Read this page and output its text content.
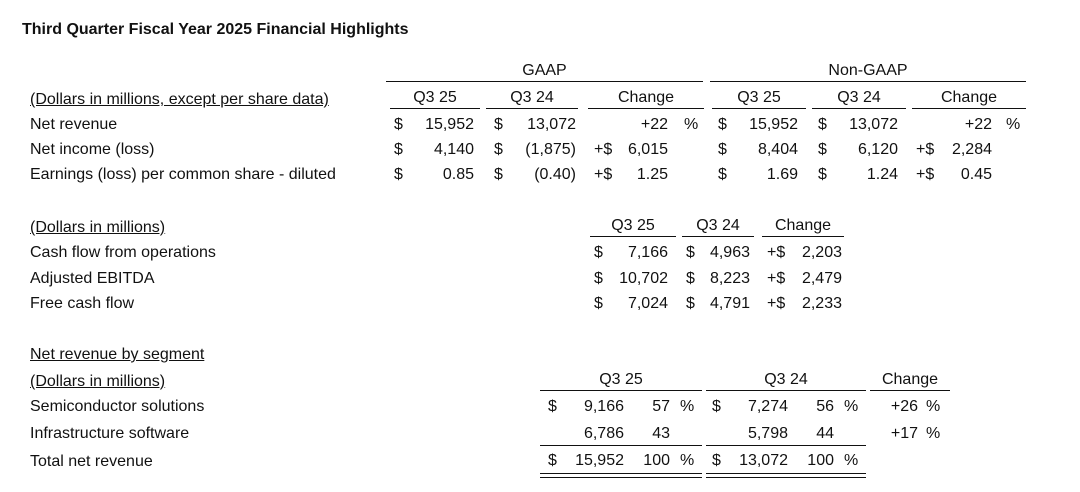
Third Quarter Fiscal Year 2025 Financial Highlights
GAAP	Non-GAAP
(Dollars in millions, except per share data)	Q3 25	Q3 24	Change	Q3 25	Q3 24	Change
Net revenue	$	15,952 $	13,072	+22 % $	15,952 $	13,072	+22 %
Net income (loss)	$	4,140 $	(1,875) +$ 6,015	$	8,404 $	6,120 +$	2,284
Earnings (loss) per common share - diluted	$	0.85 $	(0.40) +$	1.25	$	1.69 $	1.24 +$	0.45
(Dollars in millions)	Q3 25	Q3 24	Change
Cash flow from operations	$	7,166 $ 4,963 +$	2,203
Adjusted EBITDA	$	10,702 $ 8,223 +$	2,479
Free cash flow	$	7,024 $ 4,791 +$	2,233
Net revenue by segment
(Dollars in millions)	Q3 25	Q3 24	Change
Semiconductor solutions	$	9,166	57 % $	7,274	56 %	+26 %
Infrastructure software	6,786	43	5,798	44	+17 %
Total net revenue	$	15,952	100 % $	13,072	100 %
